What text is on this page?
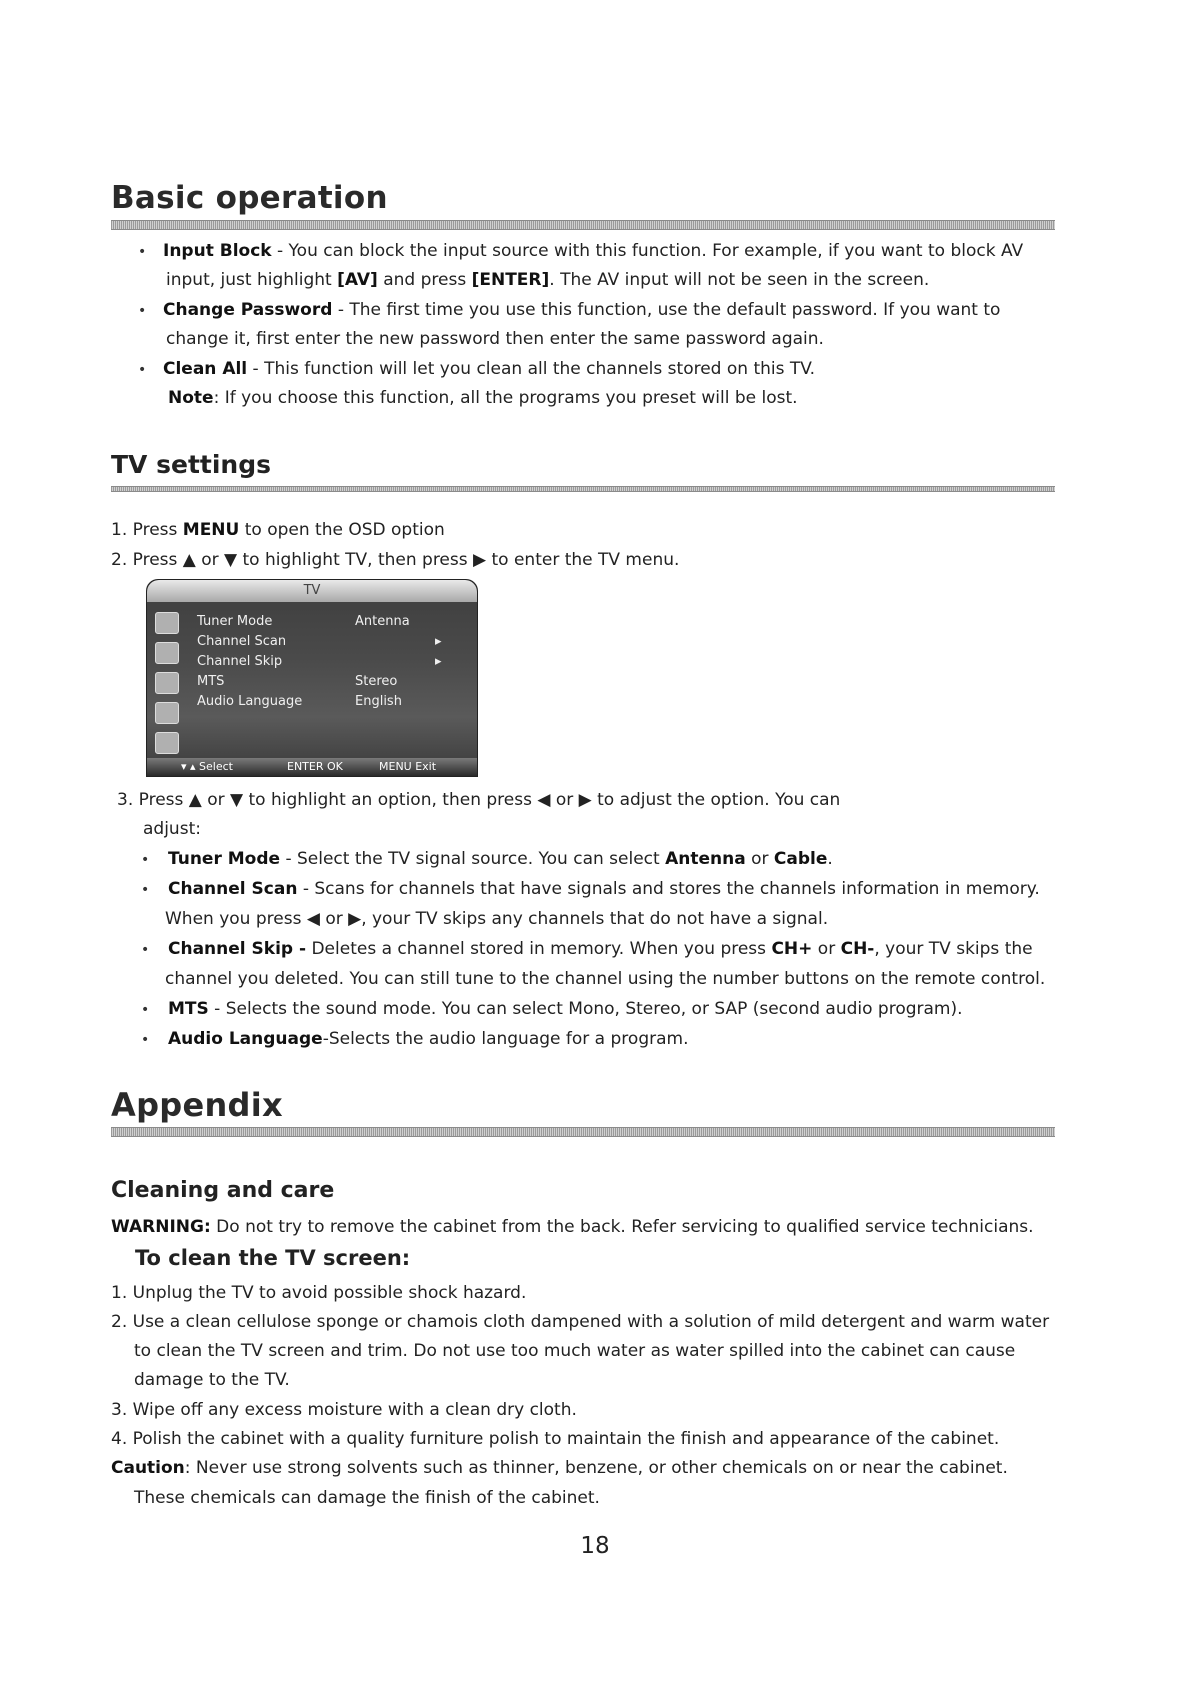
Basic operation
• Input Block - You can block the input source with this function. For example, if you want to block AV
input, just highlight [AV] and press [ENTER]. The AV input will not be seen in the screen.
• Change Password - The first time you use this function, use the default password. If you want to
change it, first enter the new password then enter the same password again.
• Clean All - This function will let you clean all the channels stored on this TV.
Note: If you choose this function, all the programs you preset will be lost.
TV settings
1. Press MENU to open the OSD option
2. Press ▲ or ▼ to highlight TV, then press ▶ to enter the TV menu.
TV
Tuner Mode	Antenna
Channel Scan	▸
Channel Skip	▸
MTS	Stereo
Audio Language	English
▾ ▴ Select	ENTER OK	MENU Exit
3. Press ▲ or ▼ to highlight an option, then press ◀ or ▶ to adjust the option. You can
adjust:
• Tuner Mode - Select the TV signal source. You can select Antenna or Cable.
• Channel Scan - Scans for channels that have signals and stores the channels information in memory.
When you press ◀ or ▶, your TV skips any channels that do not have a signal.
• Channel Skip - Deletes a channel stored in memory. When you press CH+ or CH-, your TV skips the
channel you deleted. You can still tune to the channel using the number buttons on the remote control.
• MTS - Selects the sound mode. You can select Mono, Stereo, or SAP (second audio program).
• Audio Language-Selects the audio language for a program.
Appendix
Cleaning and care
WARNING: Do not try to remove the cabinet from the back. Refer servicing to qualified service technicians.
To clean the TV screen:
1. Unplug the TV to avoid possible shock hazard.
2. Use a clean cellulose sponge or chamois cloth dampened with a solution of mild detergent and warm water
to clean the TV screen and trim. Do not use too much water as water spilled into the cabinet can cause
damage to the TV.
3. Wipe off any excess moisture with a clean dry cloth.
4. Polish the cabinet with a quality furniture polish to maintain the finish and appearance of the cabinet.
Caution: Never use strong solvents such as thinner, benzene, or other chemicals on or near the cabinet.
These chemicals can damage the finish of the cabinet.
18
